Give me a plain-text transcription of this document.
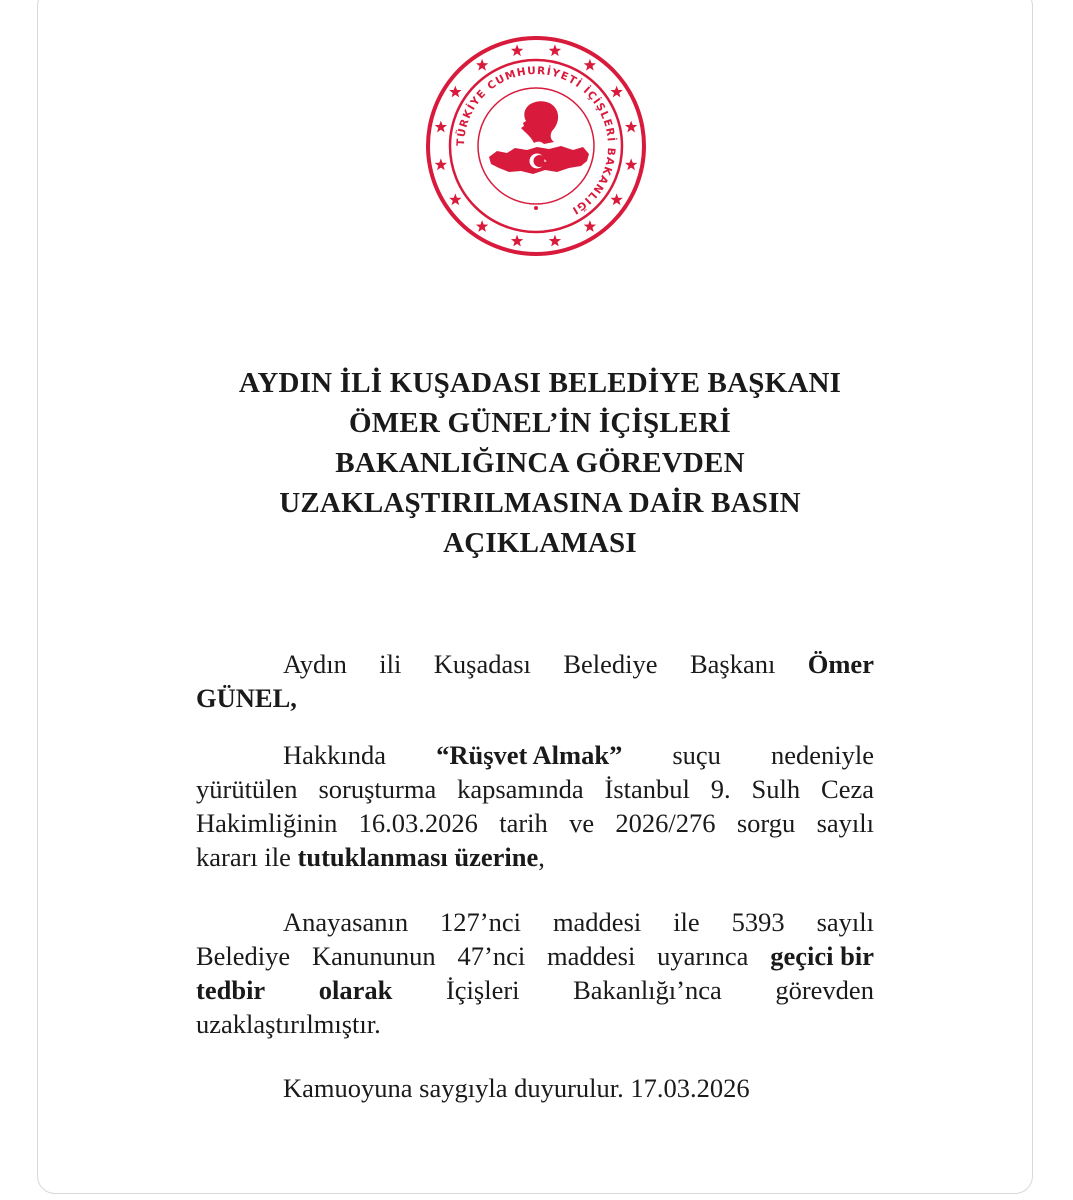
TÜRKİYE CUMHURİYETİ İÇİŞLERİ BAKANLIĞI
AYDIN İLİ KUŞADASI BELEDİYE BAŞKANI
ÖMER GÜNEL’İN İÇİŞLERİ
BAKANLIĞINCA GÖREVDEN
UZAKLAŞTIRILMASINA DAİR BASIN
AÇIKLAMASI
Aydın ili Kuşadası Belediye Başkanı Ömer
GÜNEL,
Hakkında “Rüşvet Almak” suçu nedeniyle
yürütülen soruşturma kapsamında İstanbul 9. Sulh Ceza
Hakimliğinin 16.03.2026 tarih ve 2026/276 sorgu sayılı
kararı ile
tutuklanması üzerine ,
Anayasanın 127’nci maddesi ile 5393 sayılı
Belediye Kanununun 47’nci maddesi uyarınca geçici bir
tedbir olarak İçişleri Bakanlığı’nca görevden
uzaklaştırılmıştır.
Kamuoyuna saygıyla duyurulur. 17.03.2026
